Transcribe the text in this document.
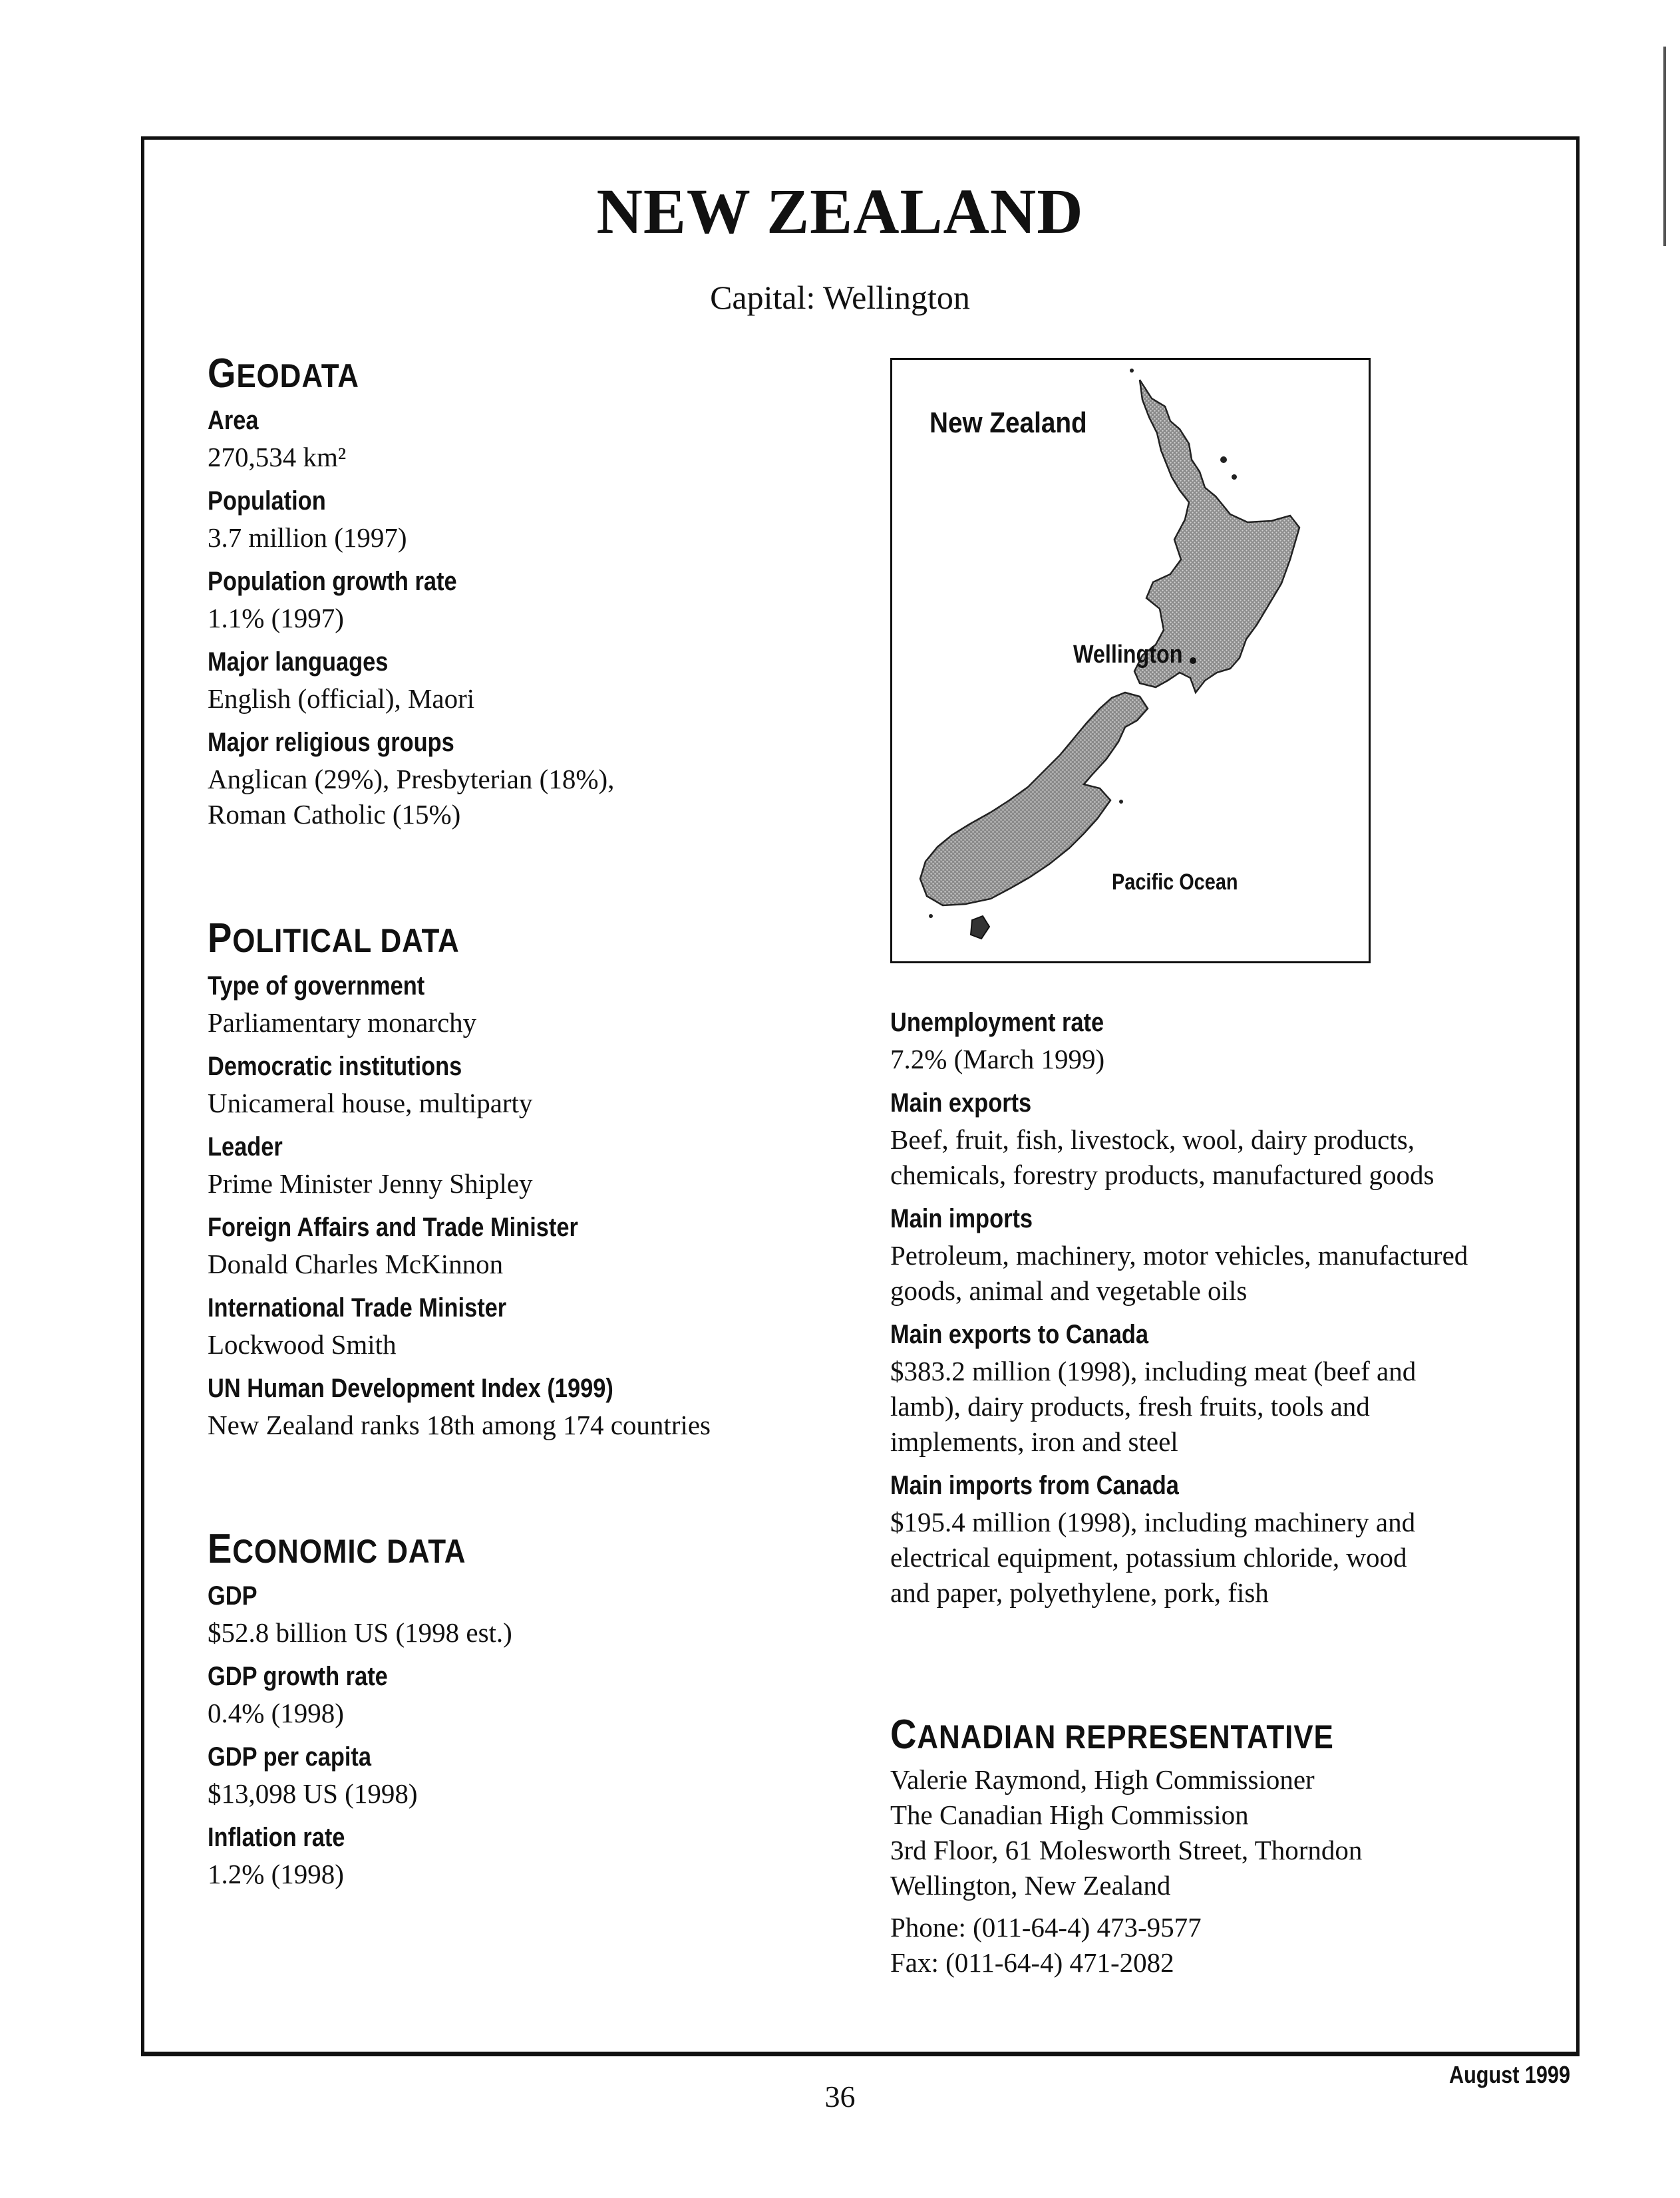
NEW ZEALAND
Capital: Wellington
GEODATA
Area
270,534 km²
Population
3.7 million (1997)
Population growth rate
1.1% (1997)
Major languages
English (official), Maori
Major religious groups
Anglican (29%), Presbyterian (18%),
Roman Catholic (15%)
POLITICAL DATA
Type of government
Parliamentary monarchy
Democratic institutions
Unicameral house, multiparty
Leader
Prime Minister Jenny Shipley
Foreign Affairs and Trade Minister
Donald Charles McKinnon
International Trade Minister
Lockwood Smith
UN Human Development Index (1999)
New Zealand ranks 18th among 174 countries
ECONOMIC DATA
GDP
$52.8 billion US (1998 est.)
GDP growth rate
0.4% (1998)
GDP per capita
$13,098 US (1998)
Inflation rate
1.2% (1998)
New Zealand
Wellington
Pacific Ocean
Unemployment rate
7.2% (March 1999)
Main exports
Beef, fruit, fish, livestock, wool, dairy products,
chemicals, forestry products, manufactured goods
Main imports
Petroleum, machinery, motor vehicles, manufactured
goods, animal and vegetable oils
Main exports to Canada
$383.2 million (1998), including meat (beef and
lamb), dairy products, fresh fruits, tools and
implements, iron and steel
Main imports from Canada
$195.4 million (1998), including machinery and
electrical equipment, potassium chloride, wood
and paper, polyethylene, pork, fish
CANADIAN REPRESENTATIVE
Valerie Raymond, High Commissioner
The Canadian High Commission
3rd Floor, 61 Molesworth Street, Thorndon
Wellington, New Zealand
Phone: (011-64-4) 473-9577
Fax: (011-64-4) 471-2082
36
August 1999
